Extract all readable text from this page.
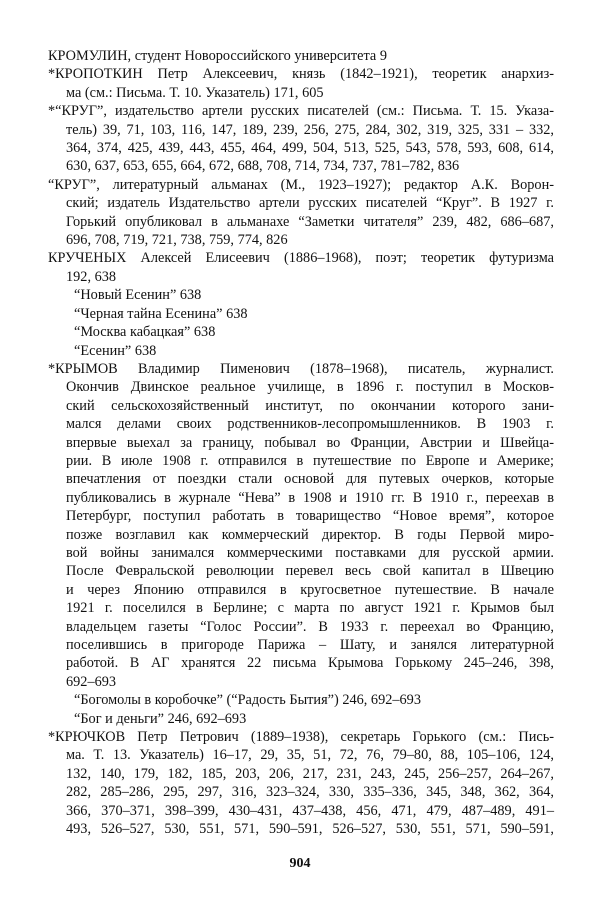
КРОМУЛИН, студент Новороссийского университета 9
*КРОПОТКИН Петр Алексеевич, князь (1842–1921), теоретик анархиз-
ма (см.: Письма. Т. 10. Указатель) 171, 605
*“КРУГ”, издательство артели русских писателей (см.: Письма. Т. 15. Указа-
тель) 39, 71, 103, 116, 147, 189, 239, 256, 275, 284, 302, 319, 325, 331 – 332,
364, 374, 425, 439, 443, 455, 464, 499, 504, 513, 525, 543, 578, 593, 608, 614,
630, 637, 653, 655, 664, 672, 688, 708, 714, 734, 737, 781–782, 836
“КРУГ”, литературный альманах (М., 1923–1927); редактор А.К. Ворон-
ский; издатель Издательство артели русских писателей “Круг”. В 1927 г.
Горький опубликовал в альманахе “Заметки читателя” 239, 482, 686–687,
696, 708, 719, 721, 738, 759, 774, 826
КРУЧЕНЫХ Алексей Елисеевич (1886–1968), поэт; теоретик футуризма
192, 638
“Новый Есенин” 638
“Черная тайна Есенина” 638
“Москва кабацкая” 638
“Есенин” 638
*КРЫМОВ Владимир Пименович (1878–1968), писатель, журналист.
Окончив Двинское реальное училище, в 1896 г. поступил в Москов-
ский сельскохозяйственный институт, по окончании которого зани-
мался делами своих родственников-лесопромышленников. В 1903 г.
впервые выехал за границу, побывал во Франции, Австрии и Швейца-
рии. В июле 1908 г. отправился в путешествие по Европе и Америке;
впечатления от поездки стали основой для путевых очерков, которые
публиковались в журнале “Нева” в 1908 и 1910 гг. В 1910 г., переехав в
Петербург, поступил работать в товарищество “Новое время”, которое
позже возглавил как коммерческий директор. В годы Первой миро-
вой войны занимался коммерческими поставками для русской армии.
После Февральской революции перевел весь свой капитал в Швецию
и через Японию отправился в кругосветное путешествие. В начале
1921 г. поселился в Берлине; с марта по август 1921 г. Крымов был
владельцем газеты “Голос России”. В 1933 г. переехал во Францию,
поселившись в пригороде Парижа – Шату, и занялся литературной
работой. В АГ хранятся 22 письма Крымова Горькому 245–246, 398,
692–693
“Богомолы в коробочке” (“Радость Бытия”) 246, 692–693
“Бог и деньги” 246, 692–693
*КРЮЧКОВ Петр Петрович (1889–1938), секретарь Горького (см.: Пись-
ма. Т. 13. Указатель) 16–17, 29, 35, 51, 72, 76, 79–80, 88, 105–106, 124,
132, 140, 179, 182, 185, 203, 206, 217, 231, 243, 245, 256–257, 264–267,
282, 285–286, 295, 297, 316, 323–324, 330, 335–336, 345, 348, 362, 364,
366, 370–371, 398–399, 430–431, 437–438, 456, 471, 479, 487–489, 491–
493, 526–527, 530, 551, 571, 590–591, 526–527, 530, 551, 571, 590–591,
904
